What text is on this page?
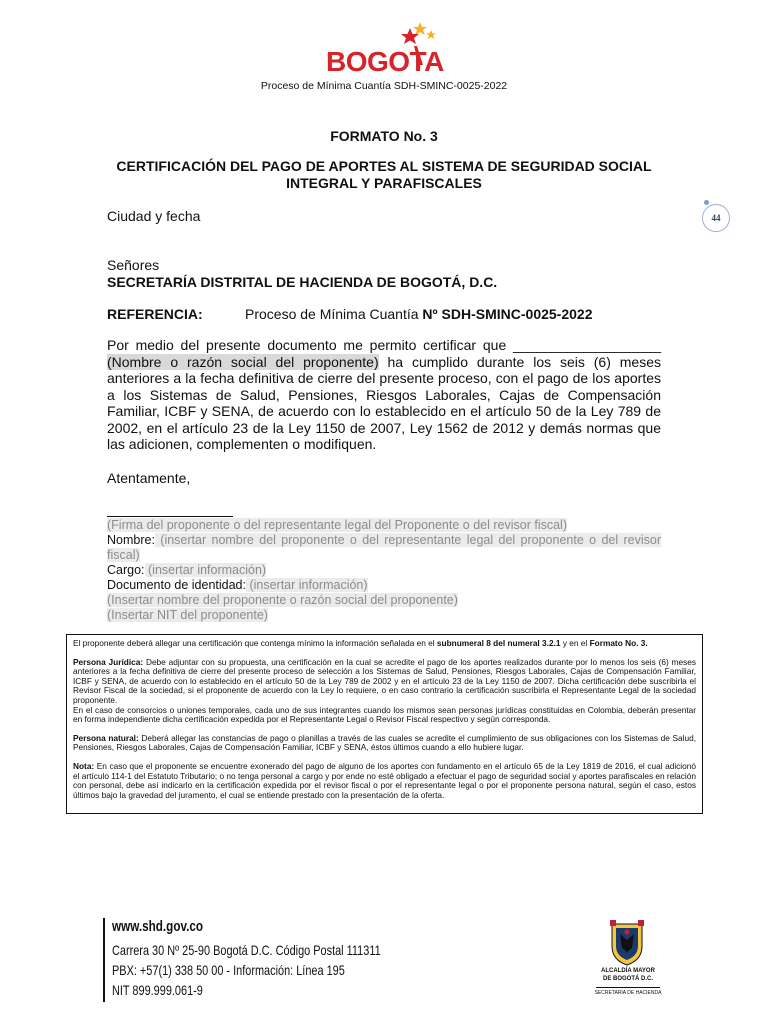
BOGOTA
Proceso de Mínima Cuantía SDH-SMINC-0025-2022
FORMATO No. 3
CERTIFICACIÓN DEL PAGO DE APORTES AL SISTEMA DE SEGURIDAD SOCIAL INTEGRAL Y PARAFISCALES
44
Ciudad y fecha
Señores
SECRETARÍA DISTRITAL DE HACIENDA DE BOGOTÁ, D.C.
REFERENCIA:	Proceso de Mínima Cuantía Nº SDH-SMINC-0025-2022
Por medio del presente documento me permito certificar que ___________________ (Nombre o razón social del proponente) ha cumplido durante los seis (6) meses anteriores a la fecha definitiva de cierre del presente proceso, con el pago de los aportes a los Sistemas de Salud, Pensiones, Riesgos Laborales, Cajas de Compensación Familiar, ICBF y SENA, de acuerdo con lo establecido en el artículo 50 de la Ley 789 de 2002, en el artículo 23 de la Ley 1150 de 2007, Ley 1562 de 2012 y demás normas que las adicionen, complementen o modifiquen.
Atentamente,
(Firma del proponente o del representante legal del Proponente o del revisor fiscal)
Nombre: (insertar nombre del proponente o del representante legal del proponente o del revisor fiscal)
Cargo: (insertar información)
Documento de identidad: (insertar información)
(Insertar nombre del proponente o razón social del proponente)
(Insertar NIT del proponente)

El proponente deberá allegar una certificación que contenga mínimo la información señalada en el subnumeral 8 del numeral 3.2.1 y en el Formato No. 3.

Persona Jurídica: Debe adjuntar con su propuesta, una certificación en la cual se acredite el pago de los aportes realizados durante por lo menos los seis (6) meses anteriores a la fecha definitiva de cierre del presente proceso de selección a los Sistemas de Salud, Pensiones, Riesgos Laborales, Cajas de Compensación Familiar, ICBF y SENA, de acuerdo con lo establecido en el artículo 50 de la Ley 789 de 2002 y en el artículo 23 de la Ley 1150 de 2007. Dicha certificación debe suscribirla el Revisor Fiscal de la sociedad, si el proponente de acuerdo con la Ley lo requiere, o en caso contrario la certificación suscribirla el Representante Legal de la sociedad proponente.

En el caso de consorcios o uniones temporales, cada uno de sus integrantes cuando los mismos sean personas jurídicas constituidas en Colombia, deberán presentar en forma independiente dicha certificación expedida por el Representante Legal o Revisor Fiscal respectivo y según corresponda.

Persona natural: Deberá allegar las constancias de pago o planillas a través de las cuales se acredite el cumplimiento de sus obligaciones con los Sistemas de Salud, Pensiones, Riesgos Laborales, Cajas de Compensación Familiar, ICBF y SENA, éstos últimos cuando a ello hubiere lugar.

Nota: En caso que el proponente se encuentre exonerado del pago de alguno de los aportes con fundamento en el artículo 65 de la Ley 1819 de 2016, el cual adicionó el artículo 114-1 del Estatuto Tributario; o no tenga personal a cargo y por ende no esté obligado a efectuar el pago de seguridad social y aportes parafiscales en relación con personal, debe así indicarlo en la certificación expedida por el revisor fiscal o por el representante legal o por el proponente persona natural, según el caso, estos últimos bajo la gravedad del juramento, el cual se entiende prestado con la presentación de la oferta.

www.shd.gov.co
Carrera 30 Nº 25-90 Bogotá D.C. Código Postal 111311
PBX: +57(1) 338 50 00 - Información: Línea 195
NIT 899.999.061-9
ALCALDÍA MAYOR
DE BOGOTÁ D.C.
SECRETARÍA DE HACIENDA
